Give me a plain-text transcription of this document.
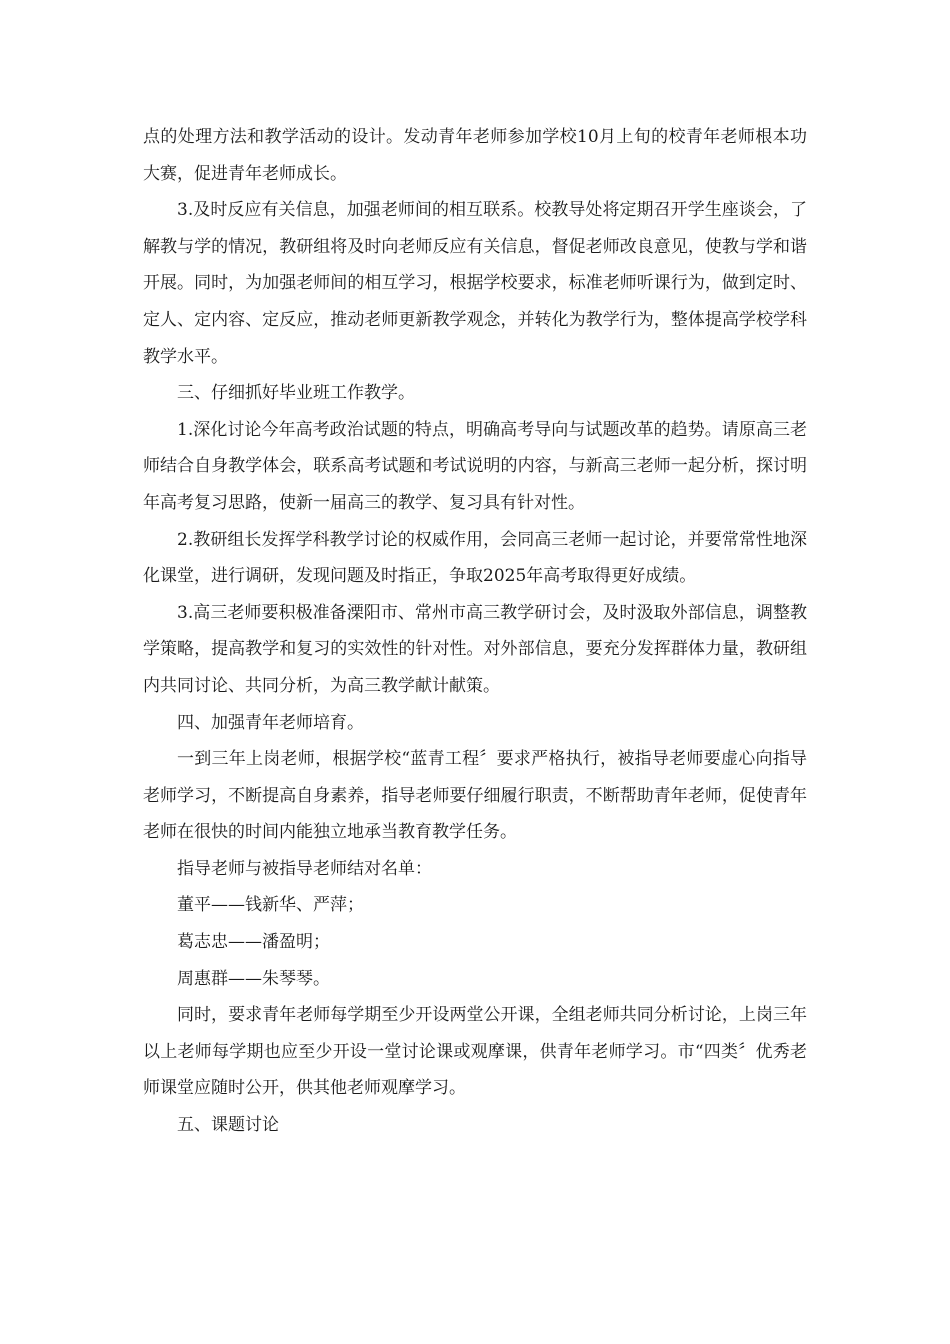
点的处理方法和教学活动的设计。发动青年老师参加学校10月上旬的校青年老师根本功大赛，促进青年老师成长。

3.及时反应有关信息，加强老师间的相互联系。校教导处将定期召开学生座谈会，了解教与学的情况，教研组将及时向老师反应有关信息，督促老师改良意见，使教与学和谐开展。同时，为加强老师间的相互学习，根据学校要求，标准老师听课行为，做到定时、定人、定内容、定反应，推动老师更新教学观念，并转化为教学行为，整体提高学校学科教学水平。

三、仔细抓好毕业班工作教学。

1.深化讨论今年高考政治试题的特点，明确高考导向与试题改革的趋势。请原高三老师结合自身教学体会，联系高考试题和考试说明的内容，与新高三老师一起分析，探讨明年高考复习思路，使新一届高三的教学、复习具有针对性。

2.教研组长发挥学科教学讨论的权威作用，会同高三老师一起讨论，并要常常性地深化课堂，进行调研，发现问题及时指正，争取2025年高考取得更好成绩。

3.高三老师要积极准备溧阳市、常州市高三教学研讨会，及时汲取外部信息，调整教学策略，提高教学和复习的实效性的针对性。对外部信息，要充分发挥群体力量，教研组内共同讨论、共同分析，为高三教学献计献策。

四、加强青年老师培育。

一到三年上岗老师，根据学校“蓝青工程〞要求严格执行，被指导老师要虚心向指导老师学习，不断提高自身素养，指导老师要仔细履行职责，不断帮助青年老师，促使青年老师在很快的时间内能独立地承当教育教学任务。

指导老师与被指导老师结对名单：

董平——钱新华、严萍；

葛志忠——潘盈明；

周惠群——朱琴琴。

同时，要求青年老师每学期至少开设两堂公开课，全组老师共同分析讨论，上岗三年以上老师每学期也应至少开设一堂讨论课或观摩课，供青年老师学习。市“四类〞优秀老师课堂应随时公开，供其他老师观摩学习。

五、课题讨论
